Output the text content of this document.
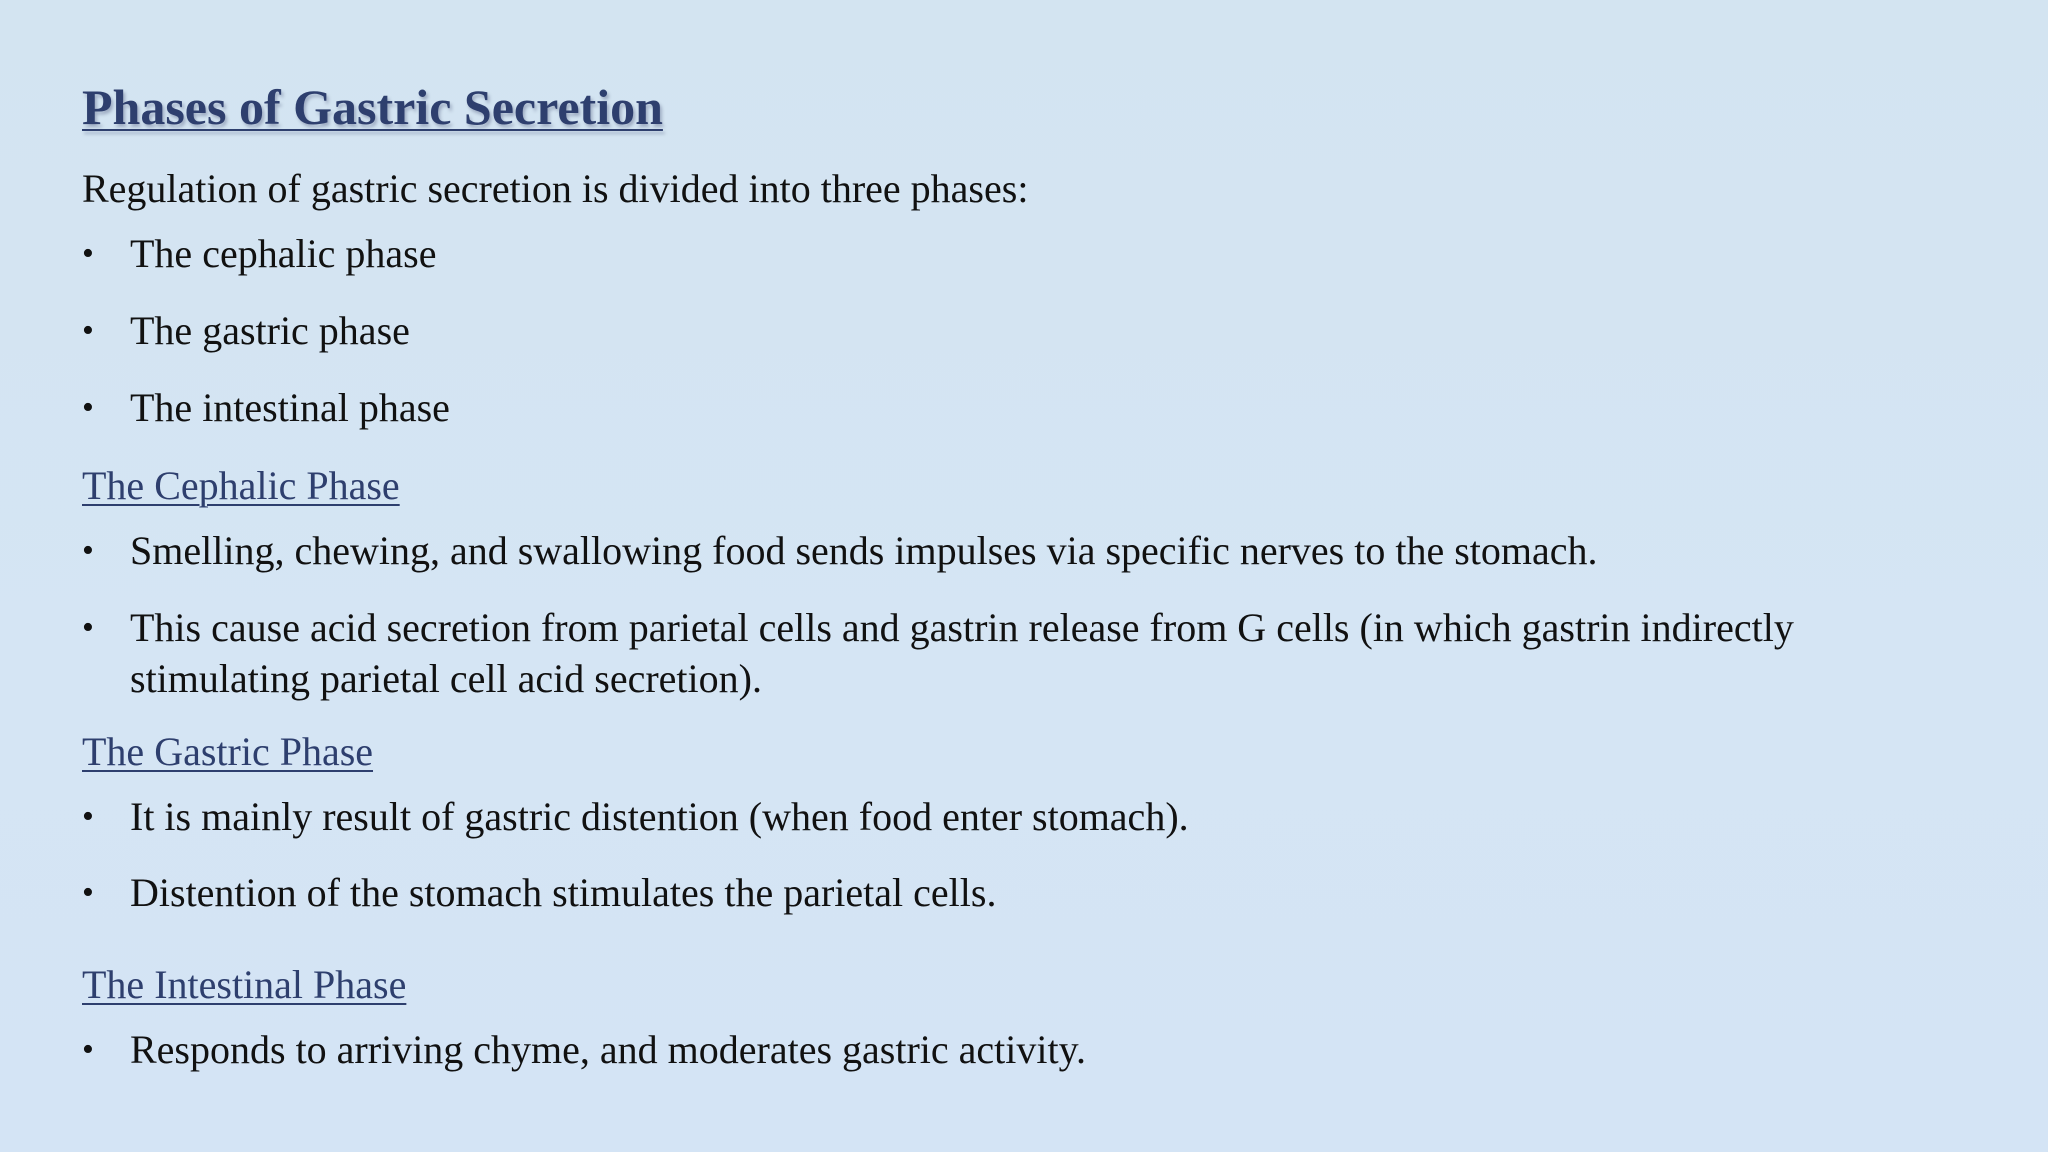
Phases of Gastric Secretion
Regulation of gastric secretion is divided into three phases:
• The cephalic phase
• The gastric phase
• The intestinal phase
The Cephalic Phase
• Smelling, chewing, and swallowing food sends impulses via specific nerves to the stomach.
• This cause acid secretion from parietal cells and gastrin release from G cells (in which gastrin indirectly stimulating parietal cell acid secretion).
The Gastric Phase
• It is mainly result of gastric distention (when food enter stomach).
• Distention of the stomach stimulates the parietal cells.
The Intestinal Phase
• Responds to arriving chyme, and moderates gastric activity.
